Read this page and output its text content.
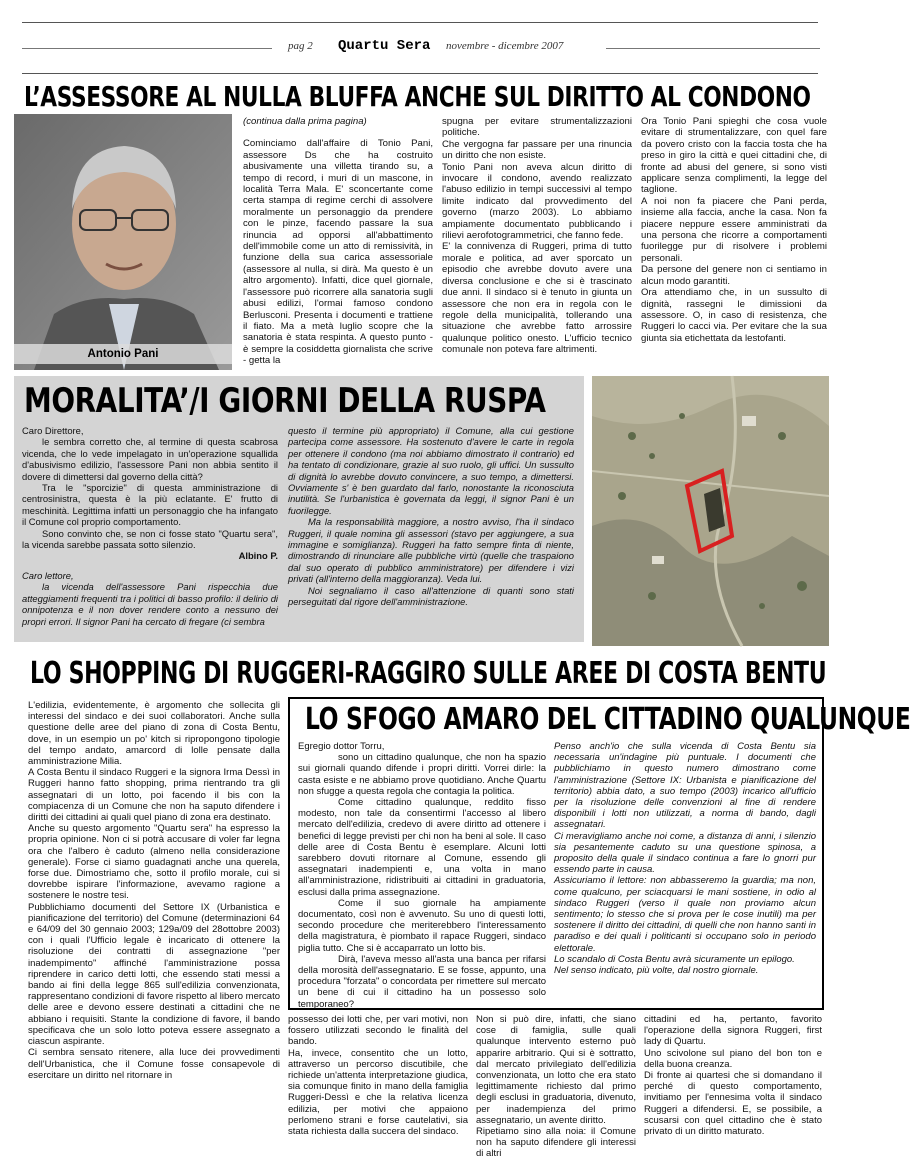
pag 2 Quartu Sera novembre - dicembre 2007
L’ASSESSORE AL NULLA BLUFFA ANCHE SUL DIRITTO AL CONDONO
Antonio Pani

(continua dalla prima pagina)

Cominciamo dall'affaire di Tonio Pani, assessore Ds che ha costruito abusivamente una villetta tirando su, a tempo di record, i muri di un mascone, in località Terra Mala. E' sconcertante come certa stampa di regime cerchi di assolvere moralmente un personaggio da prendere con le pinze, facendo passare la sua rinuncia ad opporsi all'abbattimento dell'immobile come un atto di remissività, in funzione della sua carica assessoriale (assessore al nulla, si dirà. Ma questo è un altro argomento). Infatti, dice quel giornale, l'assessore può ricorrere alla sanatoria sugli abusi edilizi, l'ormai famoso condono Berlusconi. Presenta i documenti e trattiene il fiato. Ma a metà luglio scopre che la sanatoria è stata respinta. A questo punto - è sempre la cosiddetta giornalista che scrive - getta la

spugna per evitare strumentalizzazioni politiche.

Che vergogna far passare per una rinuncia un diritto che non esiste.

Tonio Pani non aveva alcun diritto di invocare il condono, avendo realizzato l'abuso edilizio in tempi successivi al tempo limite indicato dal provvedimento del governo (marzo 2003). Lo abbiamo ampiamente documentato pubblicando i rilievi aerofotogrammetrici, che fanno fede.

E' la connivenza di Ruggeri, prima di tutto morale e politica, ad aver sporcato un episodio che avrebbe dovuto avere una diversa conclusione e che si è trascinato due anni. Il sindaco si è tenuto in giunta un assessore che non era in regola con le regole della municipalità, tollerando una situazione che avrebbe fatto arrossire qualunque politico onesto. L'ufficio tecnico comunale non poteva fare altrimenti.

Ora Tonio Pani spieghi che cosa vuole evitare di strumentalizzare, con quel fare da povero cristo con la faccia tosta che ha preso in giro la città e quei cittadini che, di fronte ad abusi del genere, si sono visti applicare senza complimenti, la legge del taglione.

A noi non fa piacere che Pani perda, insieme alla faccia, anche la casa. Non fa piacere neppure essere amministrati da una persona che ricorre a comportamenti fuorilegge pur di risolvere i problemi personali.

Da persone del genere non ci sentiamo in alcun modo garantiti.

Ora attendiamo che, in un sussulto di dignità, rassegni le dimissioni da assessore. O, in caso di resistenza, che Ruggeri lo cacci via. Per evitare che la sua giunta sia etichettata da lestofanti.

MORALITA’/I GIORNI DELLA RUSPA

Caro Direttore,

le sembra corretto che, al termine di questa scabrosa vicenda, che lo vede impelagato in un'operazione squallida d'abusivismo edilizio, l'assessore Pani non abbia sentito il dovere di dimettersi dal governo della città?

Tra le "sporcizie" di questa amministrazione di centrosinistra, questa è la più eclatante. E' frutto di meschinità. Legittima infatti un personaggio che ha infangato il Comune col proprio comportamento.

Sono convinto che, se non ci fosse stato "Quartu sera", la vicenda sarebbe passata sotto silenzio.

Albino P.

Caro lettore,

la vicenda dell'assessore Pani rispecchia due atteggiamenti frequenti tra i politici di basso profilo: il delirio di onnipotenza e il non dover rendere conto a nessuno dei propri errori. Il signor Pani ha cercato di fregare (ci sembra

questo il termine più appropriato) il Comune, alla cui gestione partecipa come assessore. Ha sostenuto d'avere le carte in regola per ottenere il condono (ma noi abbiamo dimostrato il contrario) ed ha tentato di condizionare, grazie al suo ruolo, gli uffici. Un sussulto di dignità lo avrebbe dovuto convincere, a suo tempo, a dimettersi. Ovviamente s' è ben guardato dal farlo, nonostante la riconosciuta inutilità. Se l'urbanistica è governata da leggi, il signor Pani è un fuorilegge.

Ma la responsabilità maggiore, a nostro avviso, l'ha il sindaco Ruggeri, il quale nomina gli assessori (stavo per aggiungere, a sua immagine e somiglianza). Ruggeri ha fatto sempre finta di niente, dimostrando di rinunciare alle pubbliche virtù (quelle che traspaiono dal suo operato di pubblico amministratore) per difendere i vizi privati (all'interno della maggioranza). Veda lui.

Noi segnaliamo il caso all'attenzione di quanti sono stati perseguitati dal rigore dell'amministrazione.

LO SHOPPING DI RUGGERI-RAGGIRO SULLE AREE DI COSTA BENTU

L'edilizia, evidentemente, è argomento che sollecita gli interessi del sindaco e dei suoi collaboratori. Anche sulla questione delle aree del piano di zona di Costa Bentu, dove, in un esempio un po' kitch si ripropongono tipologie del tempo andato, amarcord di lolle pensate dalla amministrazione Milia.

A Costa Bentu il sindaco Ruggeri e la signora Irma Dessì in Ruggeri hanno fatto shopping, prima rientrando tra gli assegnatari di un lotto, poi facendo il bis con la compiacenza di un Comune che non ha saputo difendere i diritti dei cittadini ai quali quel piano di zona era destinato.

Anche su questo argomento "Quartu sera" ha espresso la propria opinione. Non ci si potrà accusare di voler far legna ora che l'albero è caduto (almeno nella considerazione generale). Forse ci siamo guadagnati anche una querela, forse due. Dimostriamo che, sotto il profilo morale, cui si dovrebbe ispirare l'informazione, avevamo ragione a sostenere le nostre tesi.

Pubblichiamo documenti del Settore IX (Urbanistica e pianificazione del territorio) del Comune (determinazioni 64 e 64/09 del 30 gennaio 2003; 129a/09 del 28ottobre 2003) con i quali l'Ufficio legale è incaricato di ottenere la risoluzione dei contratti di assegnazione "per inadempimento" affinché l'amministrazione possa riprendere in carico detti lotti, che essendo stati messi a bando ai fini della legge 865 sull'edilizia convenzionata, rappresentano condizioni di favore rispetto al libero mercato delle aree e devono essere destinati a cittadini che ne abbiano i requisiti. Stante la condizione di favore, il bando specificava che un solo lotto poteva essere assegnato a ciascun aspirante.

Ci sembra sensato ritenere, alla luce dei provvedimenti dell'Urbanistica, che il Comune fosse consapevole di esercitare un diritto nel ritornare in

LO SFOGO AMARO DEL CITTADINO QUALUNQUE

Egregio dottor Torru,

sono un cittadino qualunque, che non ha spazio sui giornali quando difende i propri diritti. Vorrei dirle: la casta esiste e ne abbiamo prove quotidiano. Anche Quartu non sfugge a questa regola che contagia la politica.

Come cittadino qualunque, reddito fisso modesto, non tale da consentirmi l'accesso al libero mercato dell'edilizia, credevo di avere diritto ad ottenere i benefici di legge previsti per chi non ha beni al sole. Il caso delle aree di Costa Bentu è esemplare. Alcuni lotti sarebbero dovuti ritornare al Comune, essendo gli assegnatari inadempienti e, una volta in mano all'amministrazione, ridistribuiti ai cittadini in graduatoria, esclusi dalla prima assegnazione.

Come il suo giornale ha ampiamente documentato, così non è avvenuto. Su uno di questi lotti, secondo procedure che meriterebbero l'interessamento della magistratura, è piombato il rapace Ruggeri, sindaco piglia tutto. Che si è accaparrato un lotto bis.

Dirà, l'aveva messo all'asta una banca per rifarsi della morosità dell'assegnatario. E se fosse, appunto, una procedura "forzata" o concordata per rimettere sul mercato un bene di cui il cittadino ha un possesso solo temporaneo?

Penso anch'io che sulla vicenda di Costa Bentu sia necessaria un'indagine più puntuale. I documenti che pubblichiamo in questo numero dimostrano come l'amministrazione (Settore IX: Urbanista e pianificazione del territorio) abbia dato, a suo tempo (2003) incarico all'ufficio per la risoluzione delle convenzioni al fine di rendere disponibili i lotti non utilizzati, a norma di bando, dagli assegnatari.

Ci meravigliamo anche noi come, a distanza di anni, i silenzio sia pesantemente caduto su una questione spinosa, a proposito della quale il sindaco continua a fare lo gnorri pur essendo parte in causa.

Assicuriamo il lettore: non abbasseremo la guardia; ma non, come qualcuno, per sciacquarsi le mani sostiene, in odio al sindaco Ruggeri (verso il quale non proviamo alcun sentimento; lo stesso che si prova per le cose inutili) ma per sostenere il diritto dei cittadini, di quelli che non hanno santi in paradiso e dei quali i politicanti si occupano solo in periodo elettorale.

Lo scandalo di Costa Bentu avrà sicuramente un epilogo.

Nel senso indicato, più volte, dal nostro giornale.

possesso dei lotti che, per vari motivi, non fossero utilizzati secondo le finalità del bando.

Ha, invece, consentito che un lotto, attraverso un percorso discutibile, che richiede un'attenta interpretazione giudica, sia comunque finito in mano della famiglia Ruggeri-Dessì e che la relativa licenza edilizia, per motivi che appaiono perlomeno strani e forse cautelativi, sia stata richiesta dalla succera del sindaco.

Non si può dire, infatti, che siano cose di famiglia, sulle quali qualunque intervento esterno può apparire arbitrario. Qui si è sottratto, dal mercato privilegiato dell'edilizia convenzionata, un lotto che era stato legittimamente richiesto dal primo degli esclusi in graduatoria, divenuto, per inadempienza del primo assegnatario, un avente diritto.

Ripetiamo sino alla noia: il Comune non ha saputo difendere gli interessi di altri

cittadini ed ha, pertanto, favorito l'operazione della signora Ruggeri, first lady di Quartu.

Uno scivolone sul piano del bon ton e della buona creanza.

Di fronte ai quartesi che si domandano il perché di questo comportamento, invitiamo per l'ennesima volta il sindaco Ruggeri a difendersi. E, se possibile, a scusarsi con quel cittadino che è stato privato di un diritto maturato.
